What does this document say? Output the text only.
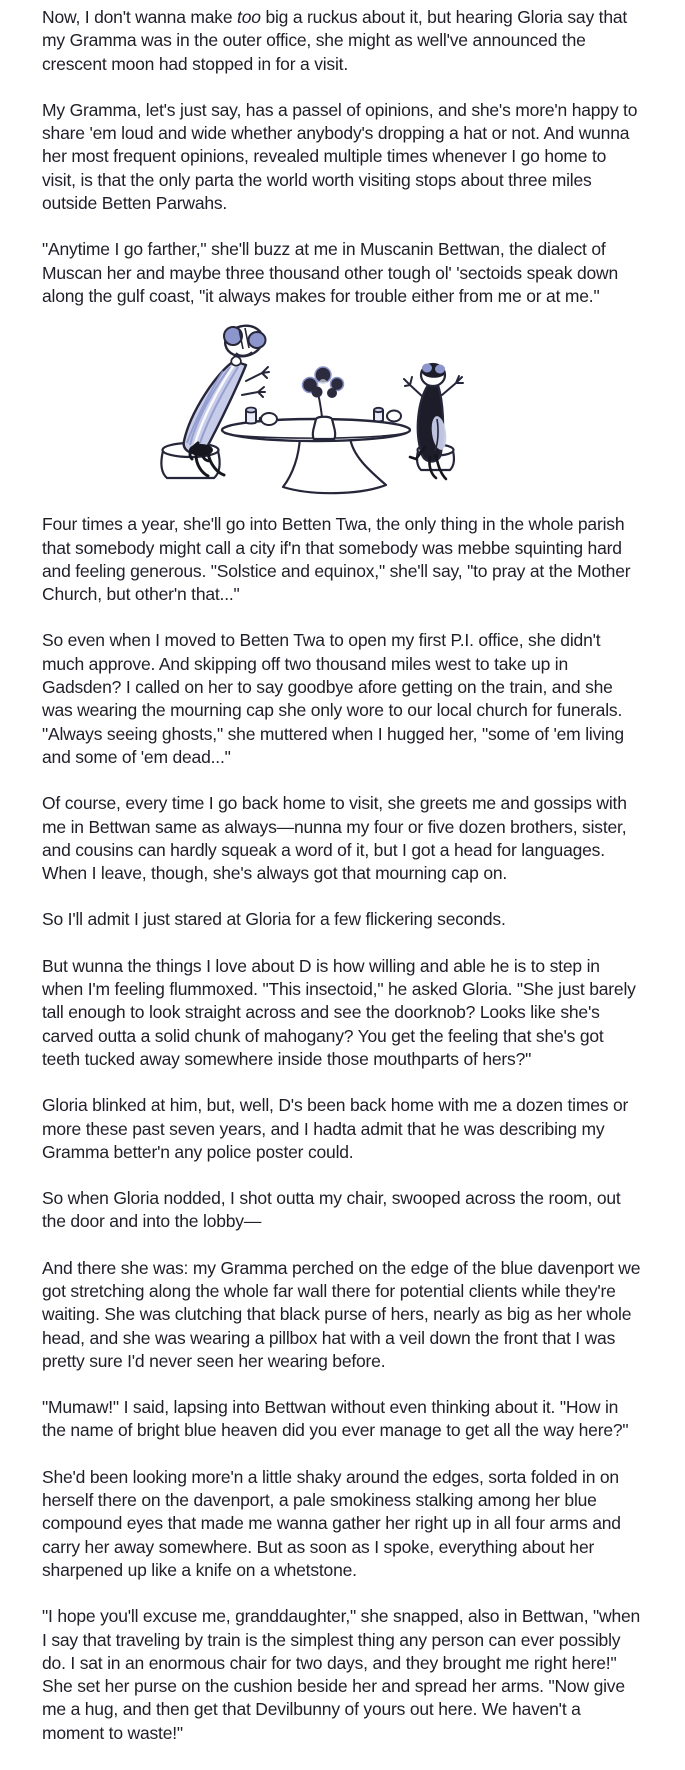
Now, I don't wanna make too big a ruckus about it, but hearing Gloria say that my Gramma was in the outer office, she might as well've announced the crescent moon had stopped in for a visit.

My Gramma, let's just say, has a passel of opinions, and she's more'n happy to share 'em loud and wide whether anybody's dropping a hat or not. And wunna her most frequent opinions, revealed multiple times whenever I go home to visit, is that the only parta the world worth visiting stops about three miles outside Betten Parwahs.

"Anytime I go farther," she'll buzz at me in Muscanin Bettwan, the dialect of Muscan her and maybe three thousand other tough ol' 'sectoids speak down along the gulf coast, "it always makes for trouble either from me or at me."

Four times a year, she'll go into Betten Twa, the only thing in the whole parish that somebody might call a city if'n that somebody was mebbe squinting hard and feeling generous. "Solstice and equinox," she'll say, "to pray at the Mother Church, but other'n that..."

So even when I moved to Betten Twa to open my first P.I. office, she didn't much approve. And skipping off two thousand miles west to take up in Gadsden? I called on her to say goodbye afore getting on the train, and she was wearing the mourning cap she only wore to our local church for funerals. "Always seeing ghosts," she muttered when I hugged her, "some of 'em living and some of 'em dead..."

Of course, every time I go back home to visit, she greets me and gossips with me in Bettwan same as always—nunna my four or five dozen brothers, sister, and cousins can hardly squeak a word of it, but I got a head for languages. When I leave, though, she's always got that mourning cap on.

So I'll admit I just stared at Gloria for a few flickering seconds.

But wunna the things I love about D is how willing and able he is to step in when I'm feeling flummoxed. "This insectoid," he asked Gloria. "She just barely tall enough to look straight across and see the doorknob? Looks like she's carved outta a solid chunk of mahogany? You get the feeling that she's got teeth tucked away somewhere inside those mouthparts of hers?"

Gloria blinked at him, but, well, D's been back home with me a dozen times or more these past seven years, and I hadta admit that he was describing my Gramma better'n any police poster could.

So when Gloria nodded, I shot outta my chair, swooped across the room, out the door and into the lobby—

And there she was: my Gramma perched on the edge of the blue davenport we got stretching along the whole far wall there for potential clients while they're waiting. She was clutching that black purse of hers, nearly as big as her whole head, and she was wearing a pillbox hat with a veil down the front that I was pretty sure I'd never seen her wearing before.

"Mumaw!" I said, lapsing into Bettwan without even thinking about it. "How in the name of bright blue heaven did you ever manage to get all the way here?"

She'd been looking more'n a little shaky around the edges, sorta folded in on herself there on the davenport, a pale smokiness stalking among her blue compound eyes that made me wanna gather her right up in all four arms and carry her away somewhere. But as soon as I spoke, everything about her sharpened up like a knife on a whetstone.

"I hope you'll excuse me, granddaughter," she snapped, also in Bettwan, "when I say that traveling by train is the simplest thing any person can ever possibly do. I sat in an enormous chair for two days, and they brought me right here!" She set her purse on the cushion beside her and spread her arms. "Now give me a hug, and then get that Devilbunny of yours out here. We haven't a moment to waste!"
